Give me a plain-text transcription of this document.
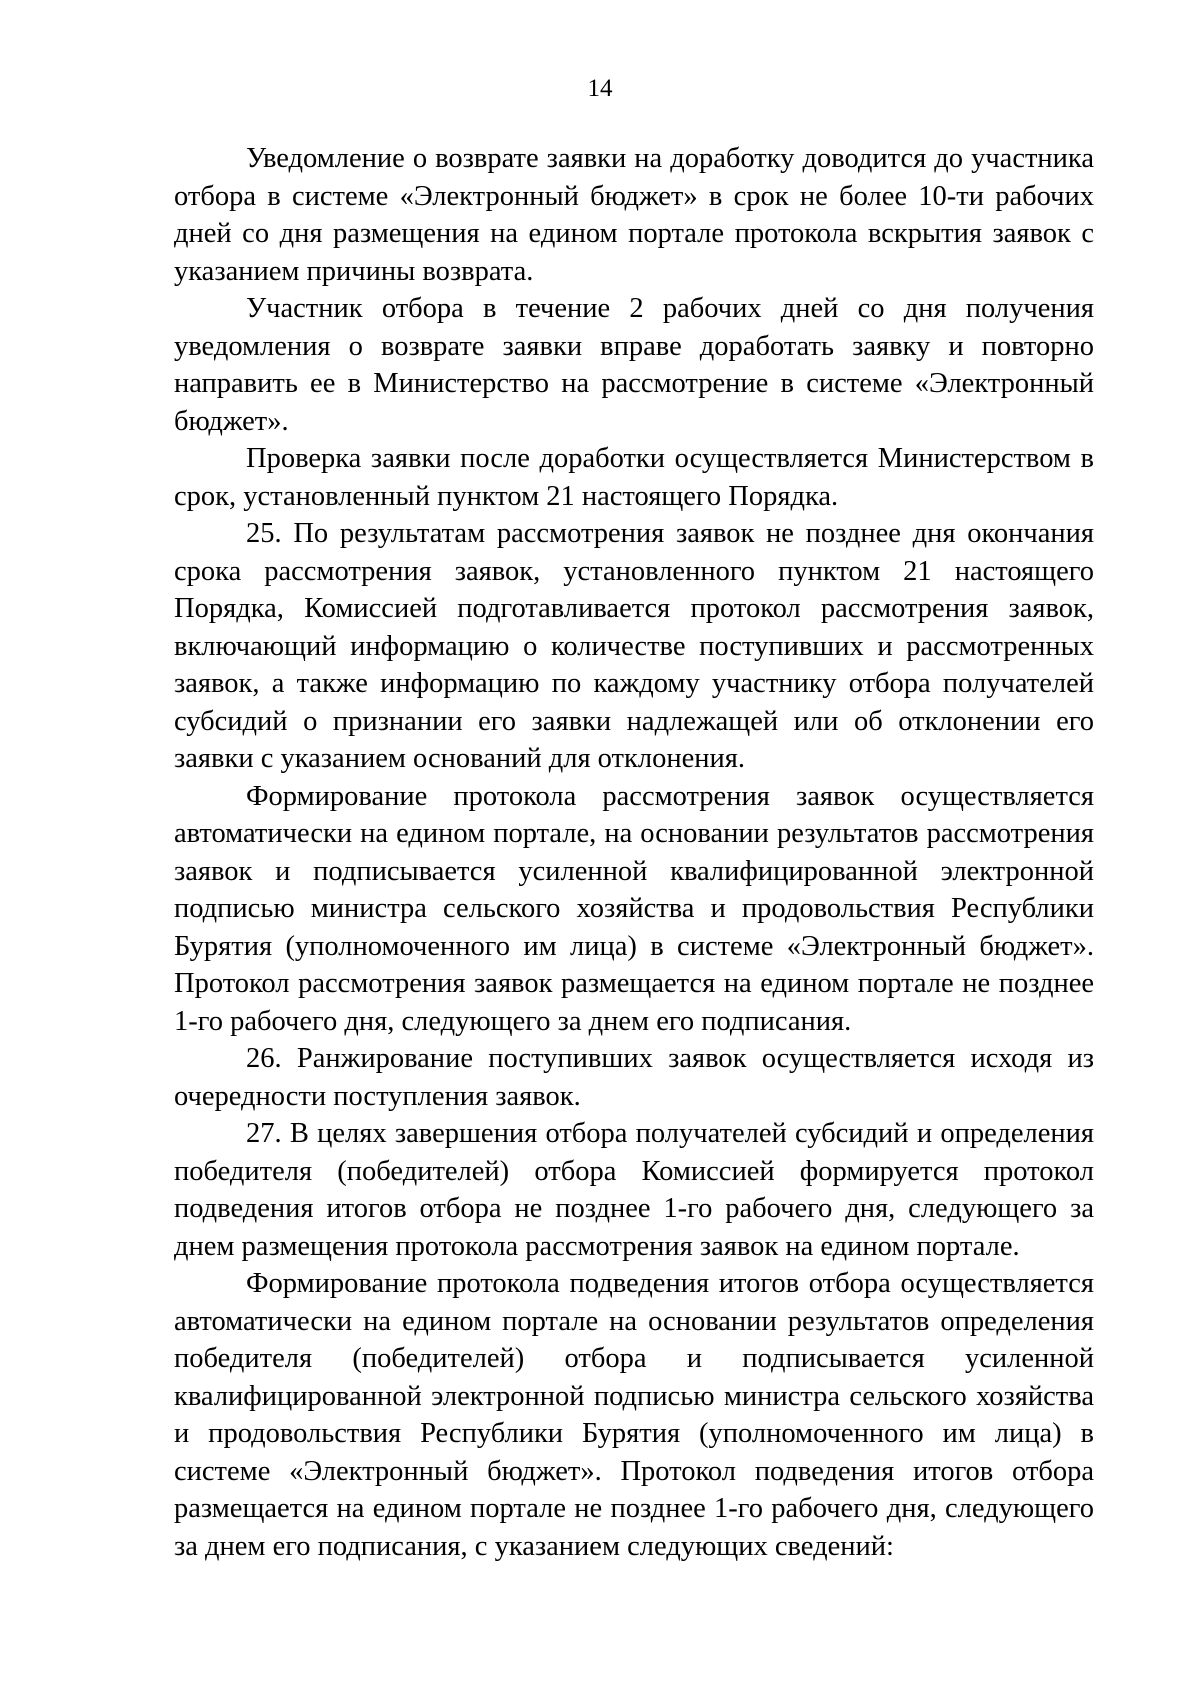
14

Уведомление о возврате заявки на доработку доводится до участника отбора в системе «Электронный бюджет» в срок не более 10-ти рабочих дней со дня размещения на едином портале протокола вскрытия заявок с указанием причины возврата.

Участник отбора в течение 2 рабочих дней со дня получения уведомления о возврате заявки вправе доработать заявку и повторно направить ее в Министерство на рассмотрение в системе «Электронный бюджет».

Проверка заявки после доработки осуществляется Министерством в срок, установленный пунктом 21 настоящего Порядка.

25. По результатам рассмотрения заявок не позднее дня окончания срока рассмотрения заявок, установленного пунктом 21 настоящего Порядка, Комиссией подготавливается протокол рассмотрения заявок, включающий информацию о количестве поступивших и рассмотренных заявок, а также информацию по каждому участнику отбора получателей субсидий о признании его заявки надлежащей или об отклонении его заявки с указанием оснований для отклонения.

Формирование протокола рассмотрения заявок осуществляется автоматически на едином портале, на основании результатов рассмотрения заявок и подписывается усиленной квалифицированной электронной подписью министра сельского хозяйства и продовольствия Республики Бурятия (уполномоченного им лица) в системе «Электронный бюджет». Протокол рассмотрения заявок размещается на едином портале не позднее 1-го рабочего дня, следующего за днем его подписания.

26. Ранжирование поступивших заявок осуществляется исходя из очередности поступления заявок.

27. В целях завершения отбора получателей субсидий и определения победителя (победителей) отбора Комиссией формируется протокол подведения итогов отбора не позднее 1-го рабочего дня, следующего за днем размещения протокола рассмотрения заявок на едином портале.

Формирование протокола подведения итогов отбора осуществляется автоматически на едином портале на основании результатов определения победителя (победителей) отбора и подписывается усиленной квалифицированной электронной подписью министра сельского хозяйства и продовольствия Республики Бурятия (уполномоченного им лица) в системе «Электронный бюджет». Протокол подведения итогов отбора размещается на едином портале не позднее 1-го рабочего дня, следующего за днем его подписания, с указанием следующих сведений:
